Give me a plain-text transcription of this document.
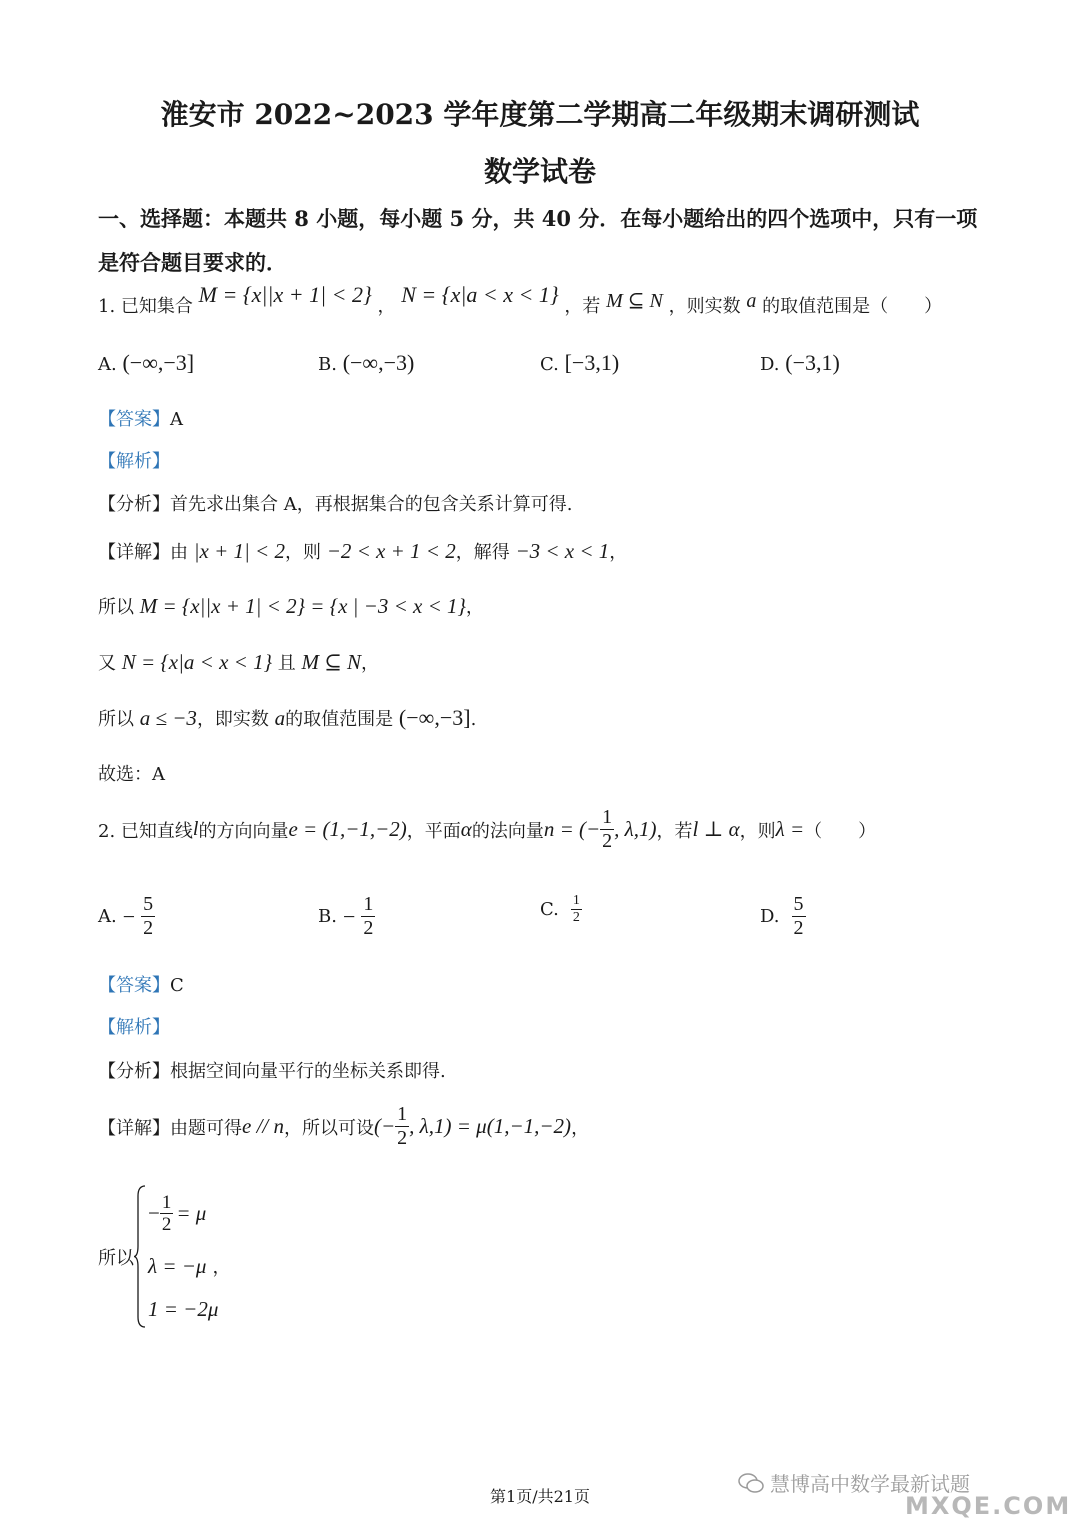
淮安市 2022~2023 学年度第二学期高二年级期末调研测试
数学试卷
一、选择题：本题共 8 小题，每小题 5 分，共 40 分．在每小题给出的四个选项中，只有一项
是符合题目要求的．
1. 已知集合 M = {x||x + 1| < 2} ， N = {x|a < x < 1} ，若 M ⊆ N ，则实数 a 的取值范围是（　　）
A. (−∞,−3]	B. (−∞,−3)	C. [−3,1)	D. (−3,1)
【答案】A
【解析】
【分析】首先求出集合 A，再根据集合的包含关系计算可得.
【详解】由 |x + 1| < 2，则 −2 < x + 1 < 2，解得 −3 < x < 1，
所以 M = {x||x + 1| < 2} = {x | −3 < x < 1}，
又 N = {x|a < x < 1} 且 M ⊆ N，
所以 a ≤ −3，即实数 a的取值范围是 (−∞,−3].
故选：A
2. 已知直线 l 的方向向量 e = (1,−1,−2) ，平面 α 的法向量 n = (− $\frac{1}{2}$ , λ,1) ，若 l ⊥ α ，则 λ = （　　）
A. − $\frac{5}{2}$	B. − $\frac{1}{2}$	C. $\frac{1}{2}$	D. $\frac{5}{2}$
【答案】C
【解析】
【分析】根据空间向量平行的坐标关系即得.
【详解】 由题可得 e // n ，所以可设 (− $\frac{1}{2}$ , λ,1) = μ(1,−1,−2) ，
所以
− $\frac{1}{2} = \mu$
λ = −μ ，
1 = −2μ
第1页/共21页
慧博高中数学最新试题
MXQE.COM
